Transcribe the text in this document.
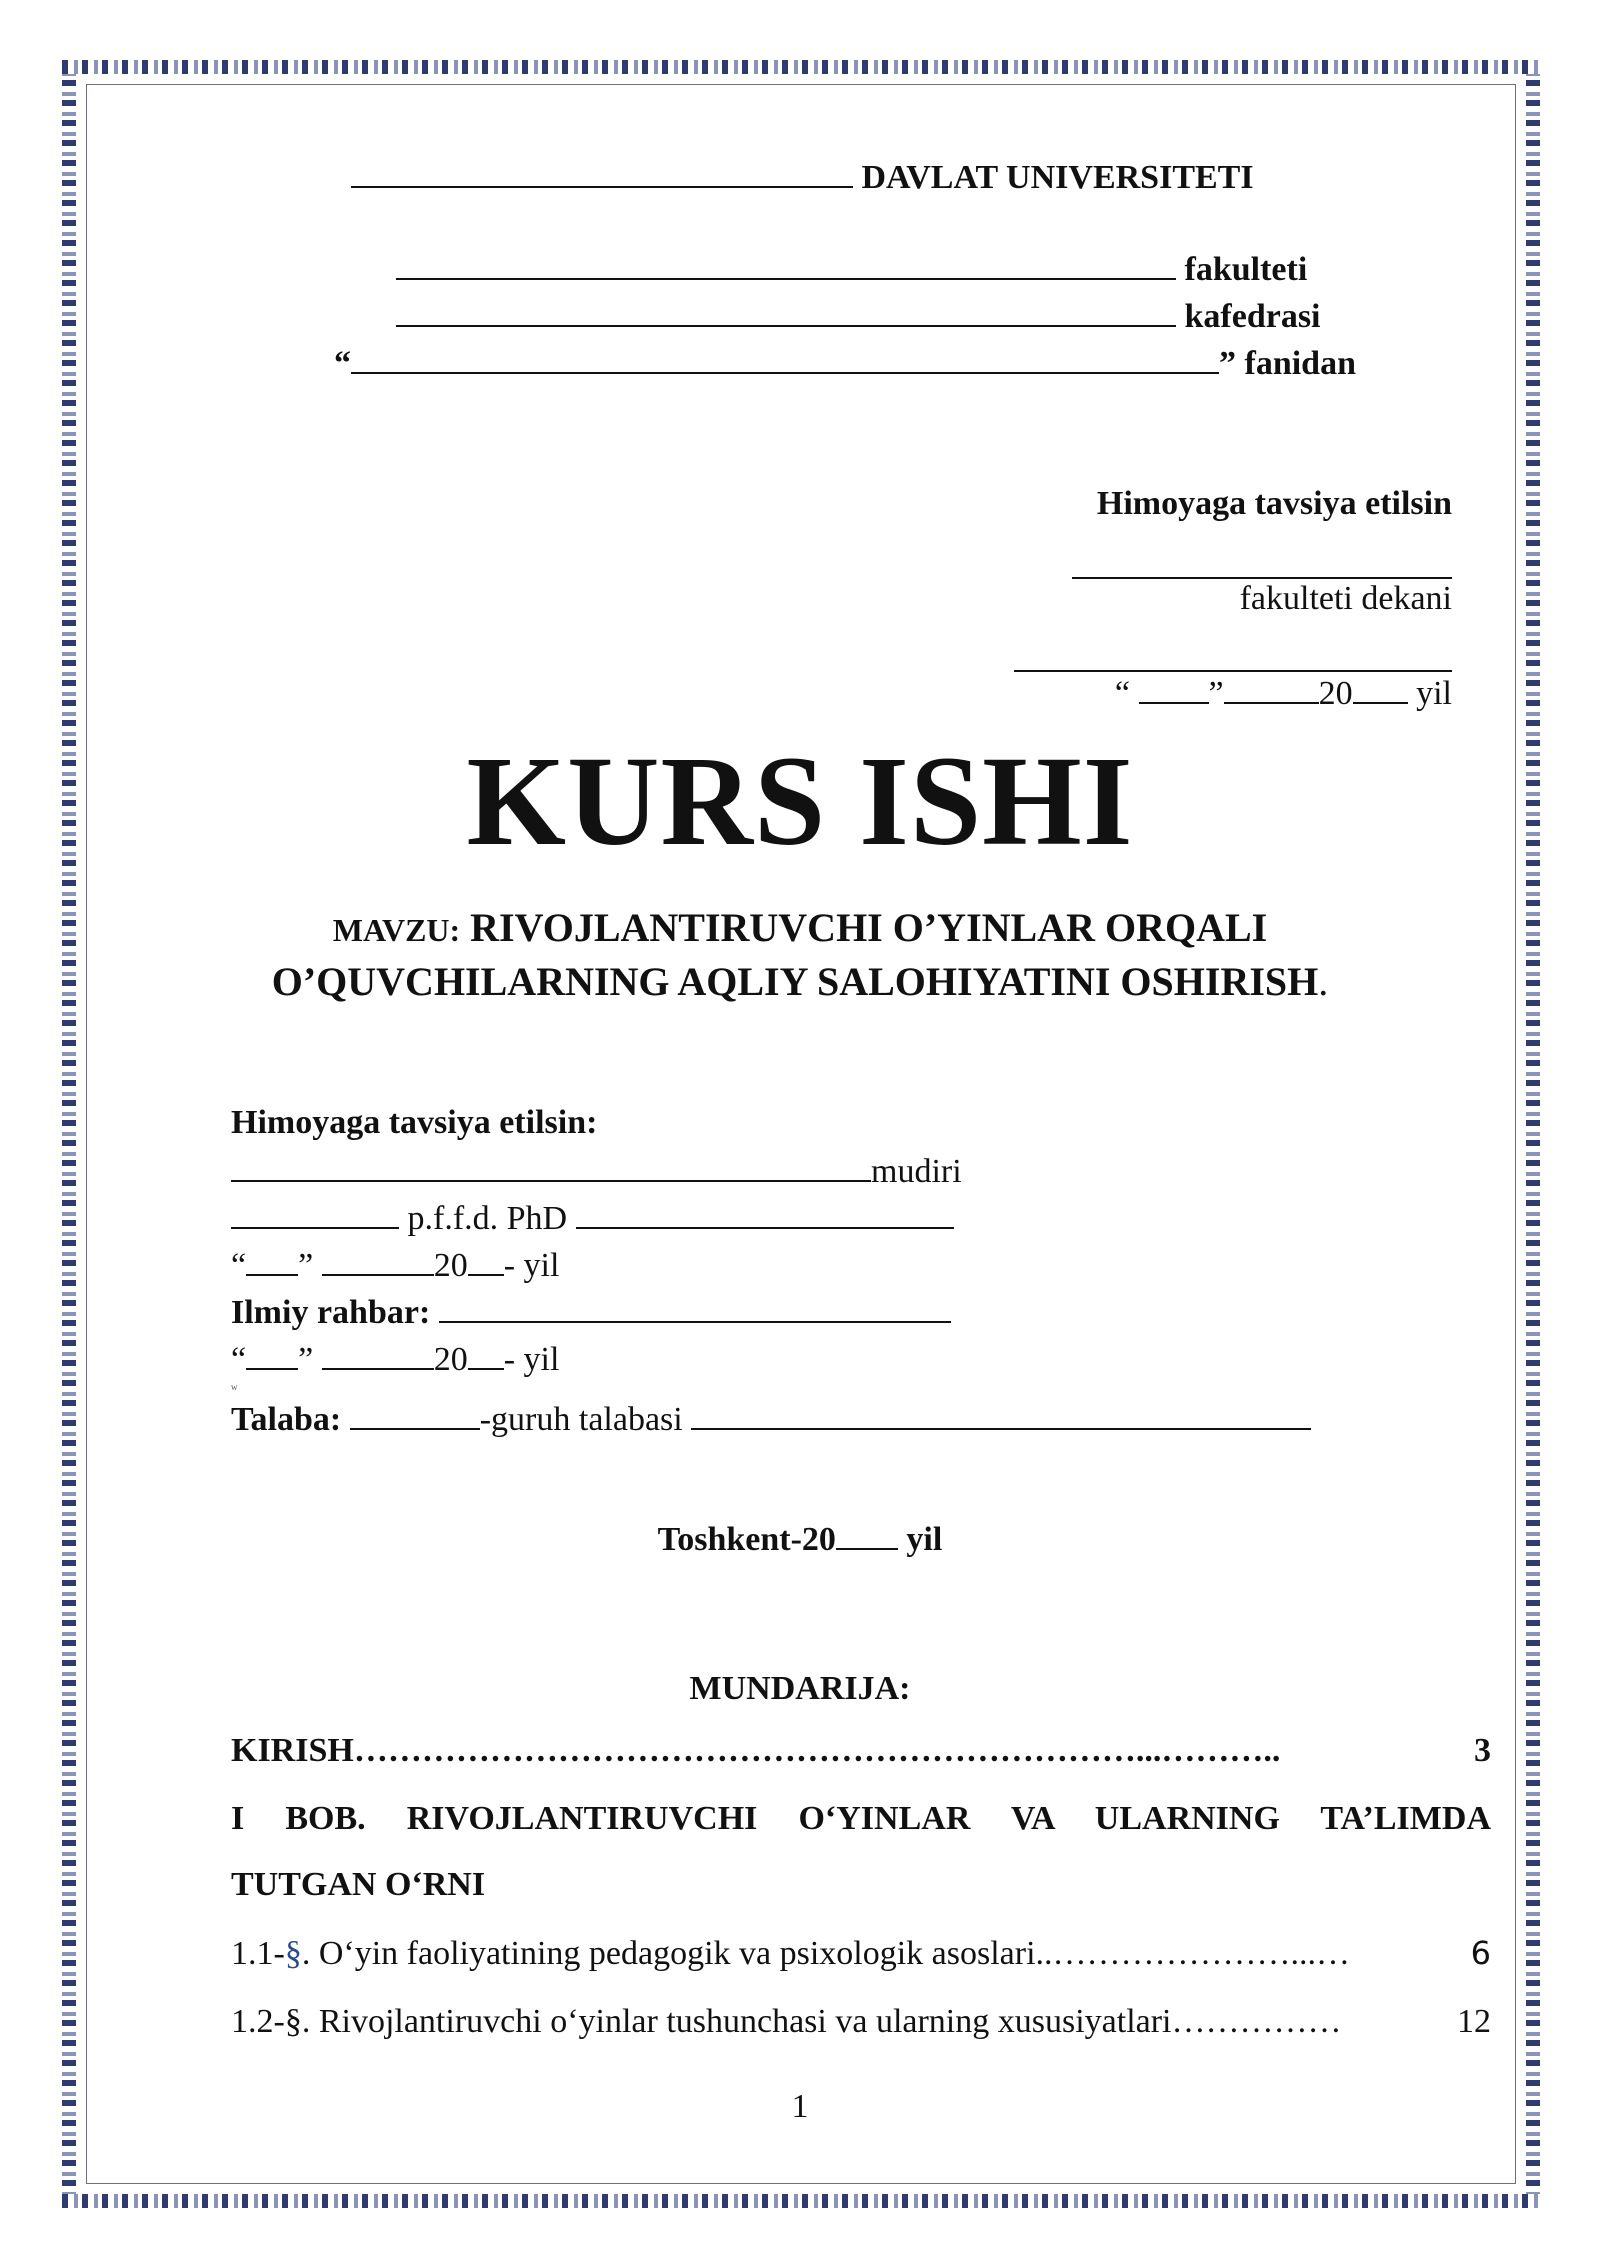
DAVLAT UNIVERSITETI
fakulteti
kafedrasi
“	” fanidan
Himoyaga tavsiya etilsin
fakulteti dekani
“ ”	20 yil
KURS ISHI
MAVZU: RIVOJLANTIRUVCHI O’YINLAR ORQALI
O’QUVCHILARNING AQLIY SALOHIYATINI OSHIRISH.
Himoyaga tavsiya etilsin:
mudiri
p.f.f.d. PhD
“ ”	20 - yil
Ilmiy rahbar:
“ ”	20 - yil
w
Talaba:	-guruh talabasi
Toshkent-20 yil
MUNDARIJA:
KIRISH ……………………………………………………………...………..	3
I BOB. RIVOJLANTIRUVCHI O‘YINLAR VA ULARNING TA’LIMDA
TUTGAN O‘RNI
1.1-§. O‘yin faoliyatining pedagogik va psixologik asoslari.. …………………...…	6
1.2-§. Rivojlantiruvchi o‘yinlar tushunchasi va ularning xususiyatlari ……………	12
1
